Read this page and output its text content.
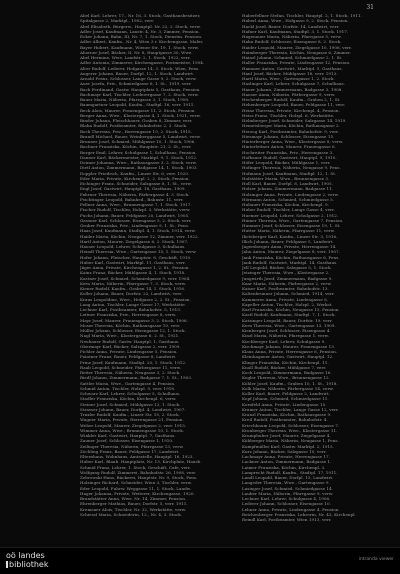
31
Abel Karl, Lehrer, 17., Nr. 16, 3. Stock, Gasthausbesitzer,
Spitalgasse 2, Marktpl., 1902, verr.
Abel Elisabeth, Bürgerw., Hauptpl. Nr. 22, 2. Stock, verw.
Adler Josef, Kaufmann, Lanstr. 4, Nr. 3, Zimmer, Pension.
Ecker Johann, Bahn, III, Nr. 7, 1. Stock, Dienstm. Pension.
Adler Albert, Kaufm., Nr. 4, Wien 3 r. Kirchengasse, Maler,
Bayer Hubert, Kaufmann, Wiener Str. 19, 1. Stock, verw.
Ahorner Josef, Bäcker, II, Nr. 8, Hauptgasse 30, Wwe.
Abel Hermine, Wwe. Landstr. 2, 1. Stock, 1922, verr.
Adler Antonia, Zimmerer, Kirchengasse, Postmeister, 1904.
Alter Rudolf, Lederer, Hofgasse 14, 3. Stock, Wien, Pens.
Angerer Johann, Bauer, Dorfpl. 12, 1. Stock, Landwirt.
Arnold Franz, Schlosser, Lange Gasse 9, 2. Stock, verw.
Auer Josefa, Priv., Schmiedgasse 6, 1. St., 1919, verr.
Bach Ferdinand, Gastw. Hauptplatz 5, Gasthaus, Pension.
Bachmayr Karl, Tischler, Lederergasse 7, 2. Stock, verw.
Bauer Maria, Näherin, Pfarrgasse 3, 1. Stock, 1908.
Baumgartner Leopold, Kaufm., Stadtpl. 16, verr. 1911.
Beck Alois, Maurer, Frauengasse 11, 2. Stock, Pension.
Berger Anna, Wwe., Klostergasse 4, 1. Stock, 1921, verw.
Binder Johann, Fleischhauer, Graben 8, Zimmer, verr.
Blaha Rudolf, Postbeamter, Bahnhofstr. 2, 3. Stock.
Bock Theresia, Priv., Herrengasse 19, 2. Stock, 1915.
Brandl Michael, Bauer, Weinberggasse 5, Landwirt, verw.
Brunner Josef, Schmied, Mühlgasse 10, 1. Stock, 1906.
Buchner Franziska, Köchin, Hauptstr. 21, 2. St., verr.
Burger Emil, Lehrer, Schulgasse 1, Schulhaus, Pension.
Danner Karl, Bäckermeister, Marktpl. 9, 1. Stock, 1912.
Deimer Johanna, Wwe., Rathausgasse 3, 2. Stock, verw.
Dietl Anton, Zimmermann, Badgasse 14, 1. Stock, 1903.
Doppler Friedrich, Kaufm., Linzer Str. 6, verr. 1920.
Eder Maria, Private, Kirchenpl. 2, 2. Stock, Pension.
Eichinger Franz, Schneider, Salzgasse 8, 1. St., verw.
Engl Josef, Gastwirt, Hauptpl. 18, Gasthaus, 1909.
Fahrner Theresia, Näherin, Färbergasse 4, 3. Stock.
Feichtinger Leopold, Bahnbed., Bahnstr. 11, verr.
Fellner Anna, Wwe., Brunnengasse 7, 1. Stock, 1917.
Fischer Rudolf, Tischler, Holzpl. 3, Werkstätte, verw.
Fuchs Johann, Bauer, Feldgasse 20, Landwirt, 1905.
Gassner Karl, Schlosser, Eisengasse 5, 2. Stock, verr.
Gruber Franziska, Priv., Lindengasse 9, 1. St., Pens.
Haas Josef, Kaufmann, Stadtpl. 4, 1. Stock, 1914, verw.
Haider Maria, Köchin, Neugasse 12, Zimmer, verr. 1922.
Hartl Anton, Maurer, Ziegelgasse 6, 2. Stock, 1907.
Hauser Leopold, Lehrer, Schulgasse 3, Schulhaus.
Heindl Theresia, Wwe., Gartengasse 15, 1. Stock, verw.
Hofer Johann, Fleischer, Hauptstr. 8, Geschäft, 1910.
Huber Karl, Gastwirt, Marktpl. 11, Gasthaus, verr.
Jäger Anna, Private, Kirchengasse 1, 2. St., Pension.
Kainz Franz, Bäcker, Mühlgasse 4, 1. Stock, 1918.
Kastner Josef, Schmied, Schmiedgasse 9, verr. 1904.
Kern Maria, Näherin, Pfarrgasse 7, 3. Stock, verw.
Kiener Rudolf, Kaufm., Graben 14, 1. Stock, 1916.
Koller Johann, Bauer, Dorfstr. 22, Landwirt, verr.
Kraus Leopoldine, Wwe., Hofgasse 2, 2. St., Pension.
Lang Anton, Tischler, Lange Gasse 17, Werkstätte.
Lechner Karl, Postbeamter, Bahnhofstr. 5, 1913.
Leitner Franziska, Priv., Herrengasse 8, verw.
Mayr Josef, Maurer, Frauengasse 3, 2. Stock, 1906.
Moser Theresia, Köchin, Rathausgasse 10, verr.
Müller Johann, Schlosser, Eisengasse 12, 1. Stock.
Nagl Maria, Wwe., Klostergasse 6, 2. St., 1921.
Neubauer Rudolf, Gastw. Hauptpl. 1, Gasthaus.
Obermayr Karl, Bäcker, Salzgasse 2, verr. 1909.
Pichler Anna, Private, Lindengasse 5, Pension.
Pointner Franz, Bauer, Feldgasse 8, Landwirt.
Prinz Josef, Kaufmann, Stadtpl. 20, 1. Stock, 1912.
Raab Leopold, Schneider, Färbergasse 11, verw.
Reiter Theresia, Näherin, Neugasse 3, 2. Stock.
Riedl Johann, Zimmermann, Badgasse 7, 1. St., 1903.
Sattler Maria, Wwe., Gartengasse 4, Pension.
Schmid Anton, Tischler, Holzpl. 9, verr. 1918.
Schwarz Karl, Lehrer, Schulgasse 5, Schulhaus.
Stadler Franziska, Köchin, Kirchenpl. 6, verw.
Steiner Josef, Schmied, Mühlgasse 13, 1. Stock.
Strasser Johann, Bauer, Dorfpl. 4, Landwirt, 1907.
Traxler Rudolf, Kaufm., Linzer Str. 15, 2. Stock.
Wagner Maria, Private, Herrengasse 21, Pension.
Weber Leopold, Maurer, Ziegelgasse 2, verr. 1915.
Wimmer Anna, Wwe., Brunnengasse 10, 1. Stock.
Winkler Karl, Gastwirt, Hauptpl. 7, Gasthaus.
Zauner Josef, Schlosser, Eisengasse 1, 1910.
Zeilinger Theresia, Näherin, Pfarrgasse 13, verw.
Zöchling Franz, Bauer, Feldgasse 17, Landwirt.
Elternhaus, Wohnhaus, Amtsstelle, Hauptpl. 16, 1923.
Huber Karl, Blaub. Hauptplatz, Nr. 13, Kirchplatz, Hausb.
Schmid Franz, Lehrer, 1. Stock, Geschäft, Cafe, verr.
Wolfgang Rudolf, Zimmerei, Bahnhofstr. 26, 1908, verr.
Zebrowski Hans, Bäckerei, Hauptstr. Nr. 9, Stock, Pens.
Holzinger Richard, Schneider, Wien 3, Tischler, verw.
Eder Leopold, Fuhrw. Weggasse 11, 1. Stock, Landw.
Hager Johanna, Private, Weiterer, Kirchengasse, 1920.
Brandstätter Anna, Wwe. Nr. 14, Zimmer, Pension.
Ehrenberger Mathias, Bauer, Dorfstr. 5, verr. 1911.
Kremsner Alois, Tischler, Nr. 32, Werkstätte, verw.
Schiessl Maria, Schneiderin, 12., Nr. 4, 3. Stock.
Haberfellner Stefan, Tischler, Hauptpl. 2, 1. Stock, 1911.
Haberl Anna, Wwe., Hofgasse 9, 2. Stock, Pension.
Hackl Josef, Bauer, Dorfstr. 14, Landwirt, verr.
Hafner Karl, Kaufmann, Stadtpl. 3, 1. Stock, 1917.
Hagenauer Maria, Näherin, Pfarrgasse 5, verw.
Hahn Rudolf, Schlosser, Eisengasse 8, 2. Stock.
Haider Leopold, Maurer, Ziegelgasse 10, 1906, verr.
Haimberger Theresia, Köchin, Neugasse 6, Zimmer.
Hainzl Johann, Schmied, Schmiedgasse 2, 1. St.
Haller Franziska, Private, Lindengasse 12, Pension.
Hammer Anton, Gastwirt, Marktpl. 5, Gasthaus.
Hanl Josef, Bäcker, Mühlgasse 18, verr. 1913.
Hartl Maria, Wwe., Gartengasse 1, 2. Stock.
Haslinger Karl, Lehrer, Schulgasse 7, Schulhaus.
Hauer Johann, Zimmermann, Badgasse 3, 1908.
Hauser Anna, Näherin, Färbergasse 9, verw.
Hechenberger Rudolf, Kaufm., Graben 2, 1. St.
Hehenberger Leopold, Bauer, Feldgasse 11, verr.
Heinz Theresia, Private, Kirchenpl. 4, Pension.
Heiss Franz, Tischler, Holzpl. 6, Werkstätte.
Helmberger Josef, Schneider, Salzgasse 14, 1919.
Hemetsberger Maria, Köchin, Rathausgasse 2.
Herzog Karl, Postbeamter, Bahnhofstr. 9, verr.
Hiesmayr Johann, Schlosser, Eisengasse 15.
Hinterberger Anna, Wwe., Klostergasse 8, verw.
Hinterleitner Anton, Maurer, Frauengasse 6.
Hochreiter Franziska, Priv., Herrengasse 3.
Hofbauer Rudolf, Gastwirt, Hauptpl. 9, 1910.
Höfer Leopold, Bäcker, Mühlgasse 1, verr.
Hofinger Theresia, Näherin, Neugasse 9, Pens.
Hofmann Josef, Kaufmann, Stadtpl. 12, 1. St.
Hofstätter Maria, Wwe., Brunnengasse 3.
Holl Karl, Bauer, Dorfpl. 8, Landwirt, 1905.
Holzer Johann, Zimmermann, Badgasse 11.
Holzinger Anna, Private, Lindengasse 2, verw.
Hörmann Anton, Schmied, Schmiedgasse 5.
Hubauer Franziska, Köchin, Kirchenpl. 9.
Huber Rudolf, Tischler, Lange Gasse 4, verr.
Huemer Leopold, Lehrer, Schulgasse 2, 1912.
Humer Theresia, Wwe., Gartengasse 7, Pension.
Hummer Josef, Schlosser, Eisengasse 19, 1. St.
Hutter Maria, Näherin, Pfarrgasse 11, verw.
Ibetsberger Karl, Kaufm., Linzer Str. 3, 1916.
Illich Johann, Bauer, Feldgasse 5, Landwirt.
Jagersberger Anna, Private, Herrengasse 14.
Jahn Anton, Maurer, Ziegelgasse 8, verr. 1907.
Jank Franziska, Köchin, Rathausgasse 6, Pens.
Jauk Rudolf, Gastwirt, Marktpl. 14, Gasthaus.
Jell Leopold, Bäcker, Salzgasse 5, 1. Stock.
Jetzinger Theresia, Wwe., Klostergasse 2.
Jungwirth Josef, Zimmermann, Badgasse 9.
Kaar Maria, Näherin, Färbergasse 2, verw.
Kaiser Karl, Postbeamter, Bahnhofstr. 13.
Kaltenbrunner Johann, Schmied, 1914, verr.
Kammerer Anna, Private, Lindengasse 8.
Kapeller Anton, Tischler, Holzpl. 2, Werkst.
Karl Franziska, Köchin, Neugasse 15, Pension.
Kastl Rudolf, Kaufmann, Stadtpl. 7, 1. Stock.
Katzinger Leopold, Bauer, Dorfstr. 19, verr.
Kern Theresia, Wwe., Gartengasse 13, 1909.
Kienberger Josef, Schlosser, Eisengasse 4.
Kinzl Maria, Näherin, Pfarrgasse 1, verw.
Kirchberger Karl, Lehrer, Schulgasse 9.
Kirchmayr Johann, Maurer, Frauengasse 13.
Klaus Anna, Private, Herrengasse 6, Pension.
Kleinhagauer Anton, Gastwirt, Hauptpl. 12.
Klinger Franziska, Köchin, Kirchenpl. 11.
Knoll Rudolf, Bäcker, Mühlgasse 7, verr.
Koch Leopold, Zimmermann, Badgasse 16.
Kogler Theresia, Wwe., Brunnengasse 12.
Köhler Josef, Kaufm., Graben 10, 1. St., 1918.
Kolb Maria, Näherin, Färbergasse 14, verw.
Koller Karl, Bauer, Feldgasse 2, Landwirt.
Kopf Johann, Schmied, Schmiedgasse 11.
Kornfeld Anna, Private, Lindengasse 15.
Kramer Anton, Tischler, Lange Gasse 12, verr.
Kranzl Franziska, Köchin, Rathausgasse 9.
Kreil Rudolf, Postbeamter, Bahnhofstr. 4.
Kriechbaum Leopold, Schlosser, Eisengasse 7.
Kronberger Theresia, Wwe., Klostergasse 11.
Krumphuber Josef, Maurer, Ziegelgasse 4.
Kühberger Maria, Näherin, Neugasse 1, Pens.
Kumpfmüller Karl, Gastw. Marktpl. 2, 1915.
Kurz Johann, Bäcker, Salzgasse 10, verr.
Lachmayr Anna, Private, Herrengasse 17.
Lackner Anton, Zimmermann, Badgasse 1.
Laimer Franziska, Köchin, Kirchenpl. 3.
Lamprecht Rudolf, Kaufm., Stadtpl. 17, 1911.
Landl Leopold, Bauer, Dorfpl. 15, Landwirt.
Langeder Theresia, Wwe., Gartengasse 9.
Lasinger Josef, Schmied, Schmiedgasse 14.
Lauber Maria, Näherin, Pfarrgasse 9, verw.
Lechner Karl, Lehrer, Schulgasse 4, 1906.
Lederer Johann, Schlosser, Eisengasse 10.
Lehner Anna, Private, Lindengasse 4, Pension.
Reichenberger Franziska, Lehrerin, Nr. 43, Kirchenpl.
Reindl Karl, Postbeamter, Wien 1913, verr.
oö landes
bibliothek
intranda viewer
